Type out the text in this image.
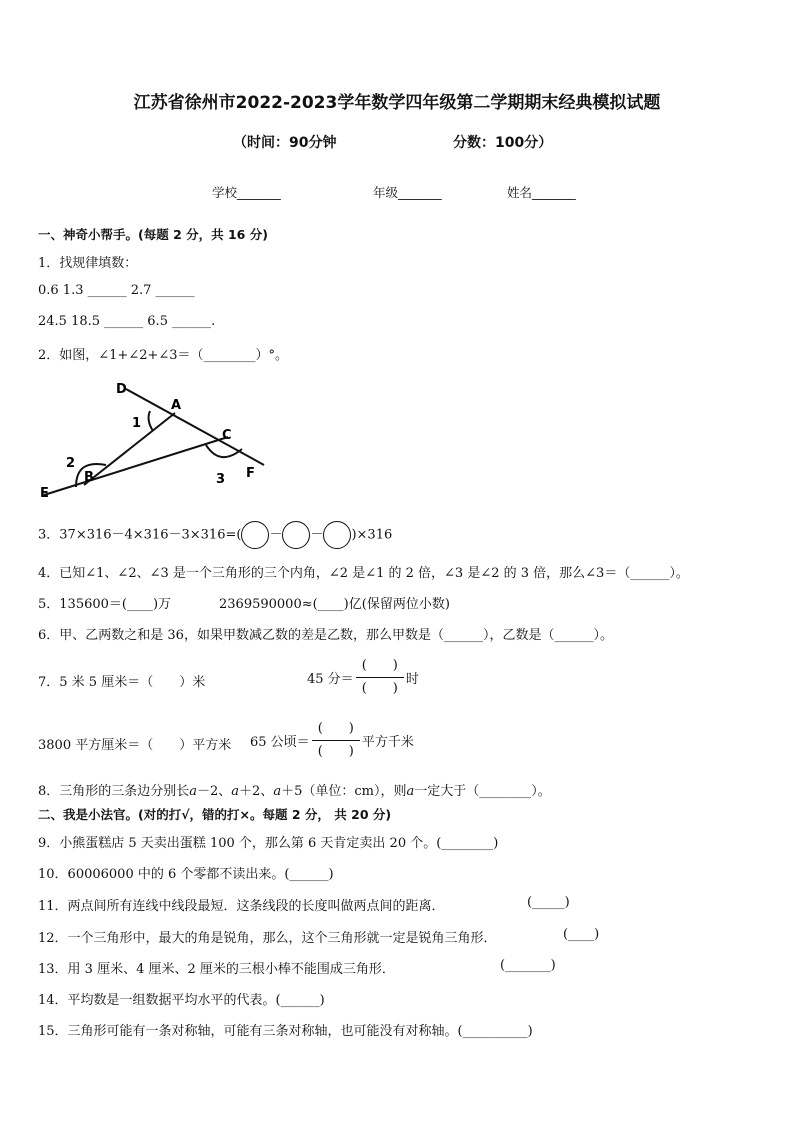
江苏省徐州市2022-2023学年数学四年级第二学期期末经典模拟试题
（时间：90分钟	分数：100分）
学校_______	年级_______	姓名_______
一、神奇小帮手。(每题 2 分，共 16 分)
1．找规律填数：
0.6 1.3 ______ 2.7 ______
24.5 18.5 ______ 6.5 ______.
2．如图，∠1+∠2+∠3＝（________）°。
D
A
C
F
E
B
1
2
3
3．37×316－4×316－3×316=( － － )×316
4．已知∠1、∠2、∠3 是一个三角形的三个内角，∠2 是∠1 的 2 倍，∠3 是∠2 的 3 倍，那么∠3＝（______）。
5．135600＝(____)万	2369590000≈(____)亿(保留两位小数)
6．甲、乙两数之和是 36，如果甲数减乙数的差是乙数，那么甲数是（______），乙数是（______）。
7．5 米 5 厘米＝（　　）米	45 分＝ $\frac{( )}{( )}$ 时
3800 平方厘米＝（　　）平方米 65 公顷＝ $\frac{( )}{( )}$ 平方千米
8．三角形的三条边分别长𝑎－2、𝑎＋2、𝑎＋5（单位：cm），则𝑎一定大于（________）。
二、我是小法官。(对的打√，错的打×。每题 2 分， 共 20 分)
9．小熊蛋糕店 5 天卖出蛋糕 100 个，那么第 6 天肯定卖出 20 个。(________)
10．60006000 中的 6 个零都不读出来。(______)
11．两点间所有连线中线段最短．这条线段的长度叫做两点间的距离．	(_____)
12．一个三角形中，最大的角是锐角，那么，这个三角形就一定是锐角三角形．	(____)
13．用 3 厘米、4 厘米、2 厘米的三根小棒不能围成三角形．	(_______)
14．平均数是一组数据平均水平的代表。(______)
15．三角形可能有一条对称轴，可能有三条对称轴，也可能没有对称轴。(__________)
